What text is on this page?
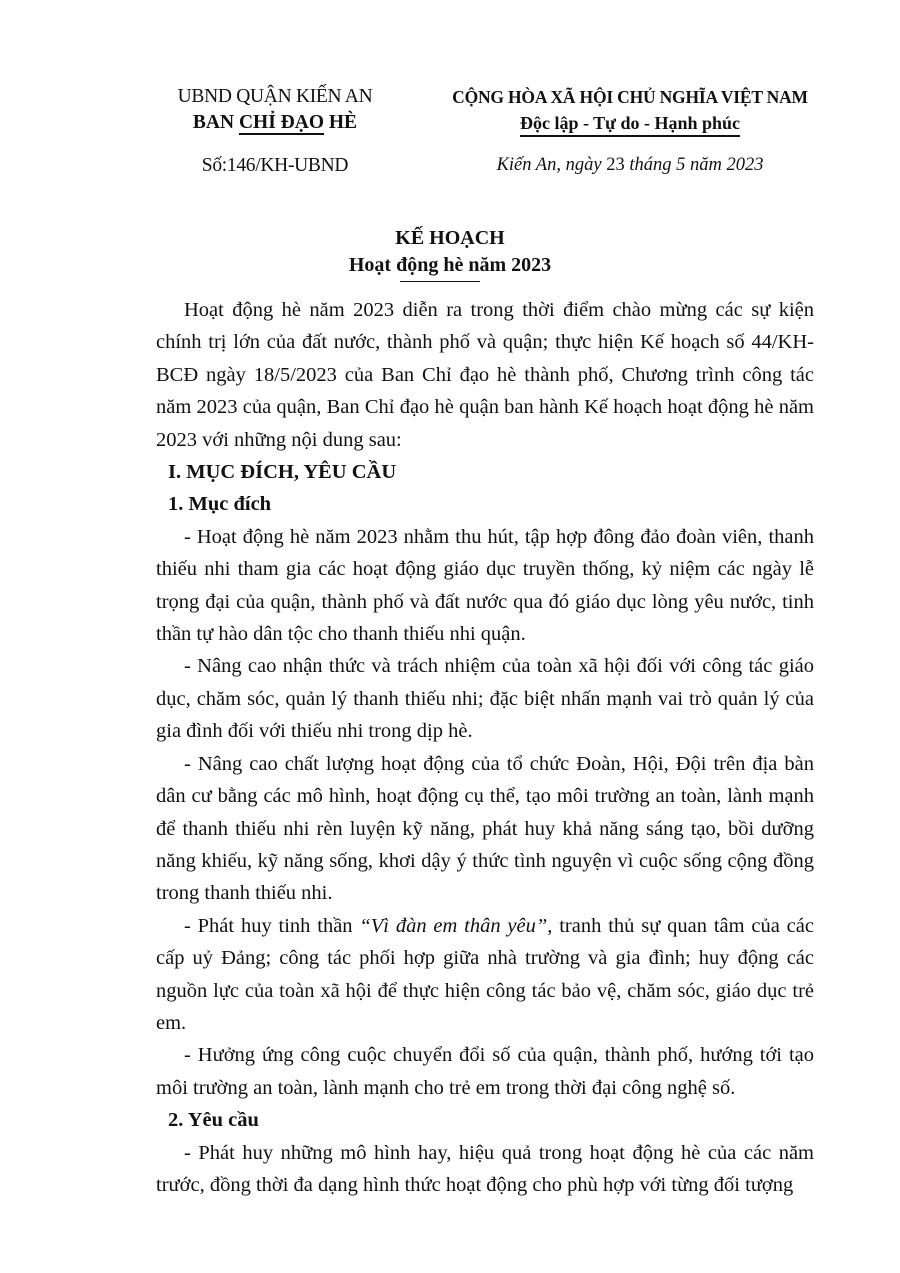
UBND QUẬN KIẾN AN
BAN CHỈ ĐẠO HÈ
CỘNG HÒA XÃ HỘI CHỦ NGHĨA VIỆT NAM
Độc lập - Tự do - Hạnh phúc
Số:146/KH-UBND	Kiến An, ngày 23 tháng 5 năm 2023
KẾ HOẠCH
Hoạt động hè năm 2023

Hoạt động hè năm 2023 diễn ra trong thời điểm chào mừng các sự kiện chính trị lớn của đất nước, thành phố và quận; thực hiện Kế hoạch số 44/KH-BCĐ ngày 18/5/2023 của Ban Chỉ đạo hè thành phố, Chương trình công tác năm 2023 của quận, Ban Chỉ đạo hè quận ban hành Kế hoạch hoạt động hè năm 2023 với những nội dung sau:

I. MỤC ĐÍCH, YÊU CẦU
1. Mục đích

- Hoạt động hè năm 2023 nhằm thu hút, tập hợp đông đảo đoàn viên, thanh thiếu nhi tham gia các hoạt động giáo dục truyền thống, kỷ niệm các ngày lễ trọng đại của quận, thành phố và đất nước qua đó giáo dục lòng yêu nước, tinh thần tự hào dân tộc cho thanh thiếu nhi quận.

- Nâng cao nhận thức và trách nhiệm của toàn xã hội đối với công tác giáo dục, chăm sóc, quản lý thanh thiếu nhi; đặc biệt nhấn mạnh vai trò quản lý của gia đình đối với thiếu nhi trong dịp hè.

- Nâng cao chất lượng hoạt động của tổ chức Đoàn, Hội, Đội trên địa bàn dân cư bằng các mô hình, hoạt động cụ thể, tạo môi trường an toàn, lành mạnh để thanh thiếu nhi rèn luyện kỹ năng, phát huy khả năng sáng tạo, bồi dưỡng năng khiếu, kỹ năng sống, khơi dậy ý thức tình nguyện vì cuộc sống cộng đồng trong thanh thiếu nhi.

- Phát huy tinh thần “Vì đàn em thân yêu”, tranh thủ sự quan tâm của các cấp uỷ Đảng; công tác phối hợp giữa nhà trường và gia đình; huy động các nguồn lực của toàn xã hội để thực hiện công tác bảo vệ, chăm sóc, giáo dục trẻ em.

- Hưởng ứng công cuộc chuyển đổi số của quận, thành phố, hướng tới tạo môi trường an toàn, lành mạnh cho trẻ em trong thời đại công nghệ số.

2. Yêu cầu

- Phát huy những mô hình hay, hiệu quả trong hoạt động hè của các năm trước, đồng thời đa dạng hình thức hoạt động cho phù hợp với từng đối tượng
